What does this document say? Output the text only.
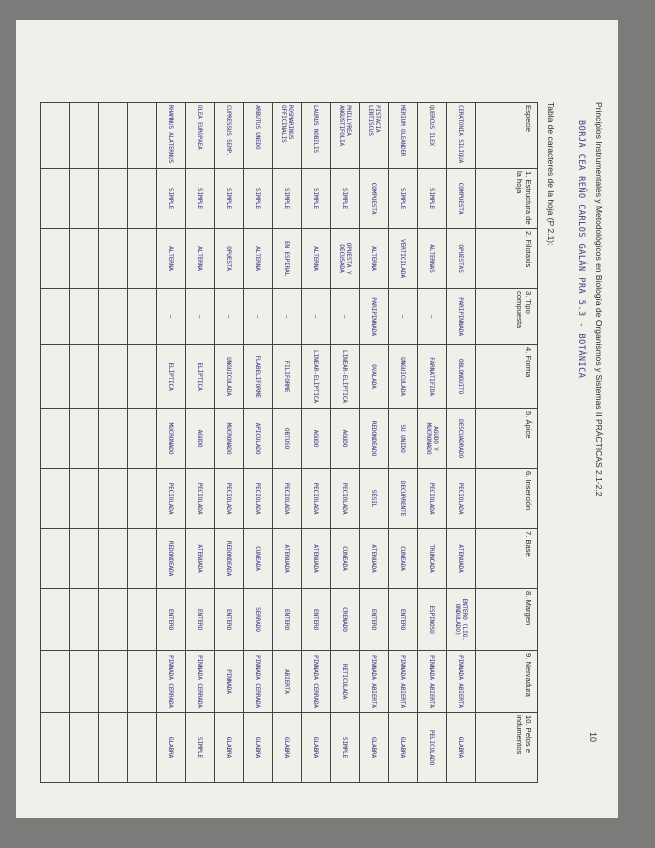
Principios Instrumentales y Metodológicos en Biología de Organismos y Sistemas II PRÁCTICAS 2.1-2.2
BORJA CEA REÑO CARLOS GALÁN PRA 5.3 - BOTÁNICA
Tabla de caracteres de la hoja (P 2.1):
10
Especie	1. Estructura de la hoja	2. Filotaxis	3. Tipo compuesta	4. Forma	5. Ápice	6. Inserción	7. Base	8. Margen	9. Nervadura	10. Pelos e indumentos
CERATONIA SILIQUA	COMPUESTA	OPUESTAS	PARIPINNADA	OBLONGUITO	DESCUADRADO	PECIOLADA	ATENUADA	ENTERO (LIG. ONDULADO)	PINNADA ABIERTA	GLABRA
QUERCUS ILEX	SIMPLE	ALTERNAS	—	FARNATIFIDA	AGUDO Y MUCRONADO	PECIOLADA	TRUNCADA	ESPINOSO	PINNADA ABIERTA	PELICULADO
MERIUM OLEANDER	SIMPLE	VERTICILADA	—	UNGUICULADA	SU UNIDO	DECURRENTE	CUNEADA	ENTERO	PINNADA ABIERTA	GLABRA
PISTACIA LENTISCUS	COMPUESTA	ALTERNA	PARIPINNADA	OVALADA	REDONDEADO	SÉSIL	ATENUADA	ENTERO	PINNADA ABIERTA	GLABRA
PHILLYREA ANGUSTIFOLIA	SIMPLE	OPUESTA Y DECUSADA	—	LINEAR-ELÍPTICA	AGUDO	PECIOLADA	CUNEADA	CRENADO	RETICULADA	SIMPLE
LAURUS NOBILIS	SIMPLE	ALTERNA	—	LINEAR-ELÍPTICA	AGUDO	PECIOLADA	ATENUADA	ENTERO	PINNADA CERRADA	GLABRA
ROSMARINUS OFFICINALIS	SIMPLE	EN ESPIRAL	—	FILIFORME	OBTUSO	PECIOLADA	ATENUADA	ENTERO	ABIERTA	GLABRA
ARBUTUS UNEDO	SIMPLE	ALTERNA	—	FLABELIFORME	APICULADO	PECIOLADA	CUNEADA	SERRADO	PINNADA CERRADA	GLABRA
CUPRESSUS SEMP.	SIMPLE	OPUESTA	—	UNGUICULADA	MUCRONADO	PECIOLADA	REDONDEADA	ENTERO	PINNADA	GLABRA
OLEA EUROPAEA	SIMPLE	ALTERNA	—	ELÍPTICA	AGUDO	PECIOLADA	ATENUADA	ENTERO	PINNADA CERRADA	SIMPLE
RHAMNUS ALATERNUS	SIMPLE	ALTERNA	—	ELÍPTICA	MUCRONADO	PECIOLADA	REDONDEADA	ENTERO	PINNADA CERRADA	GLABRA
